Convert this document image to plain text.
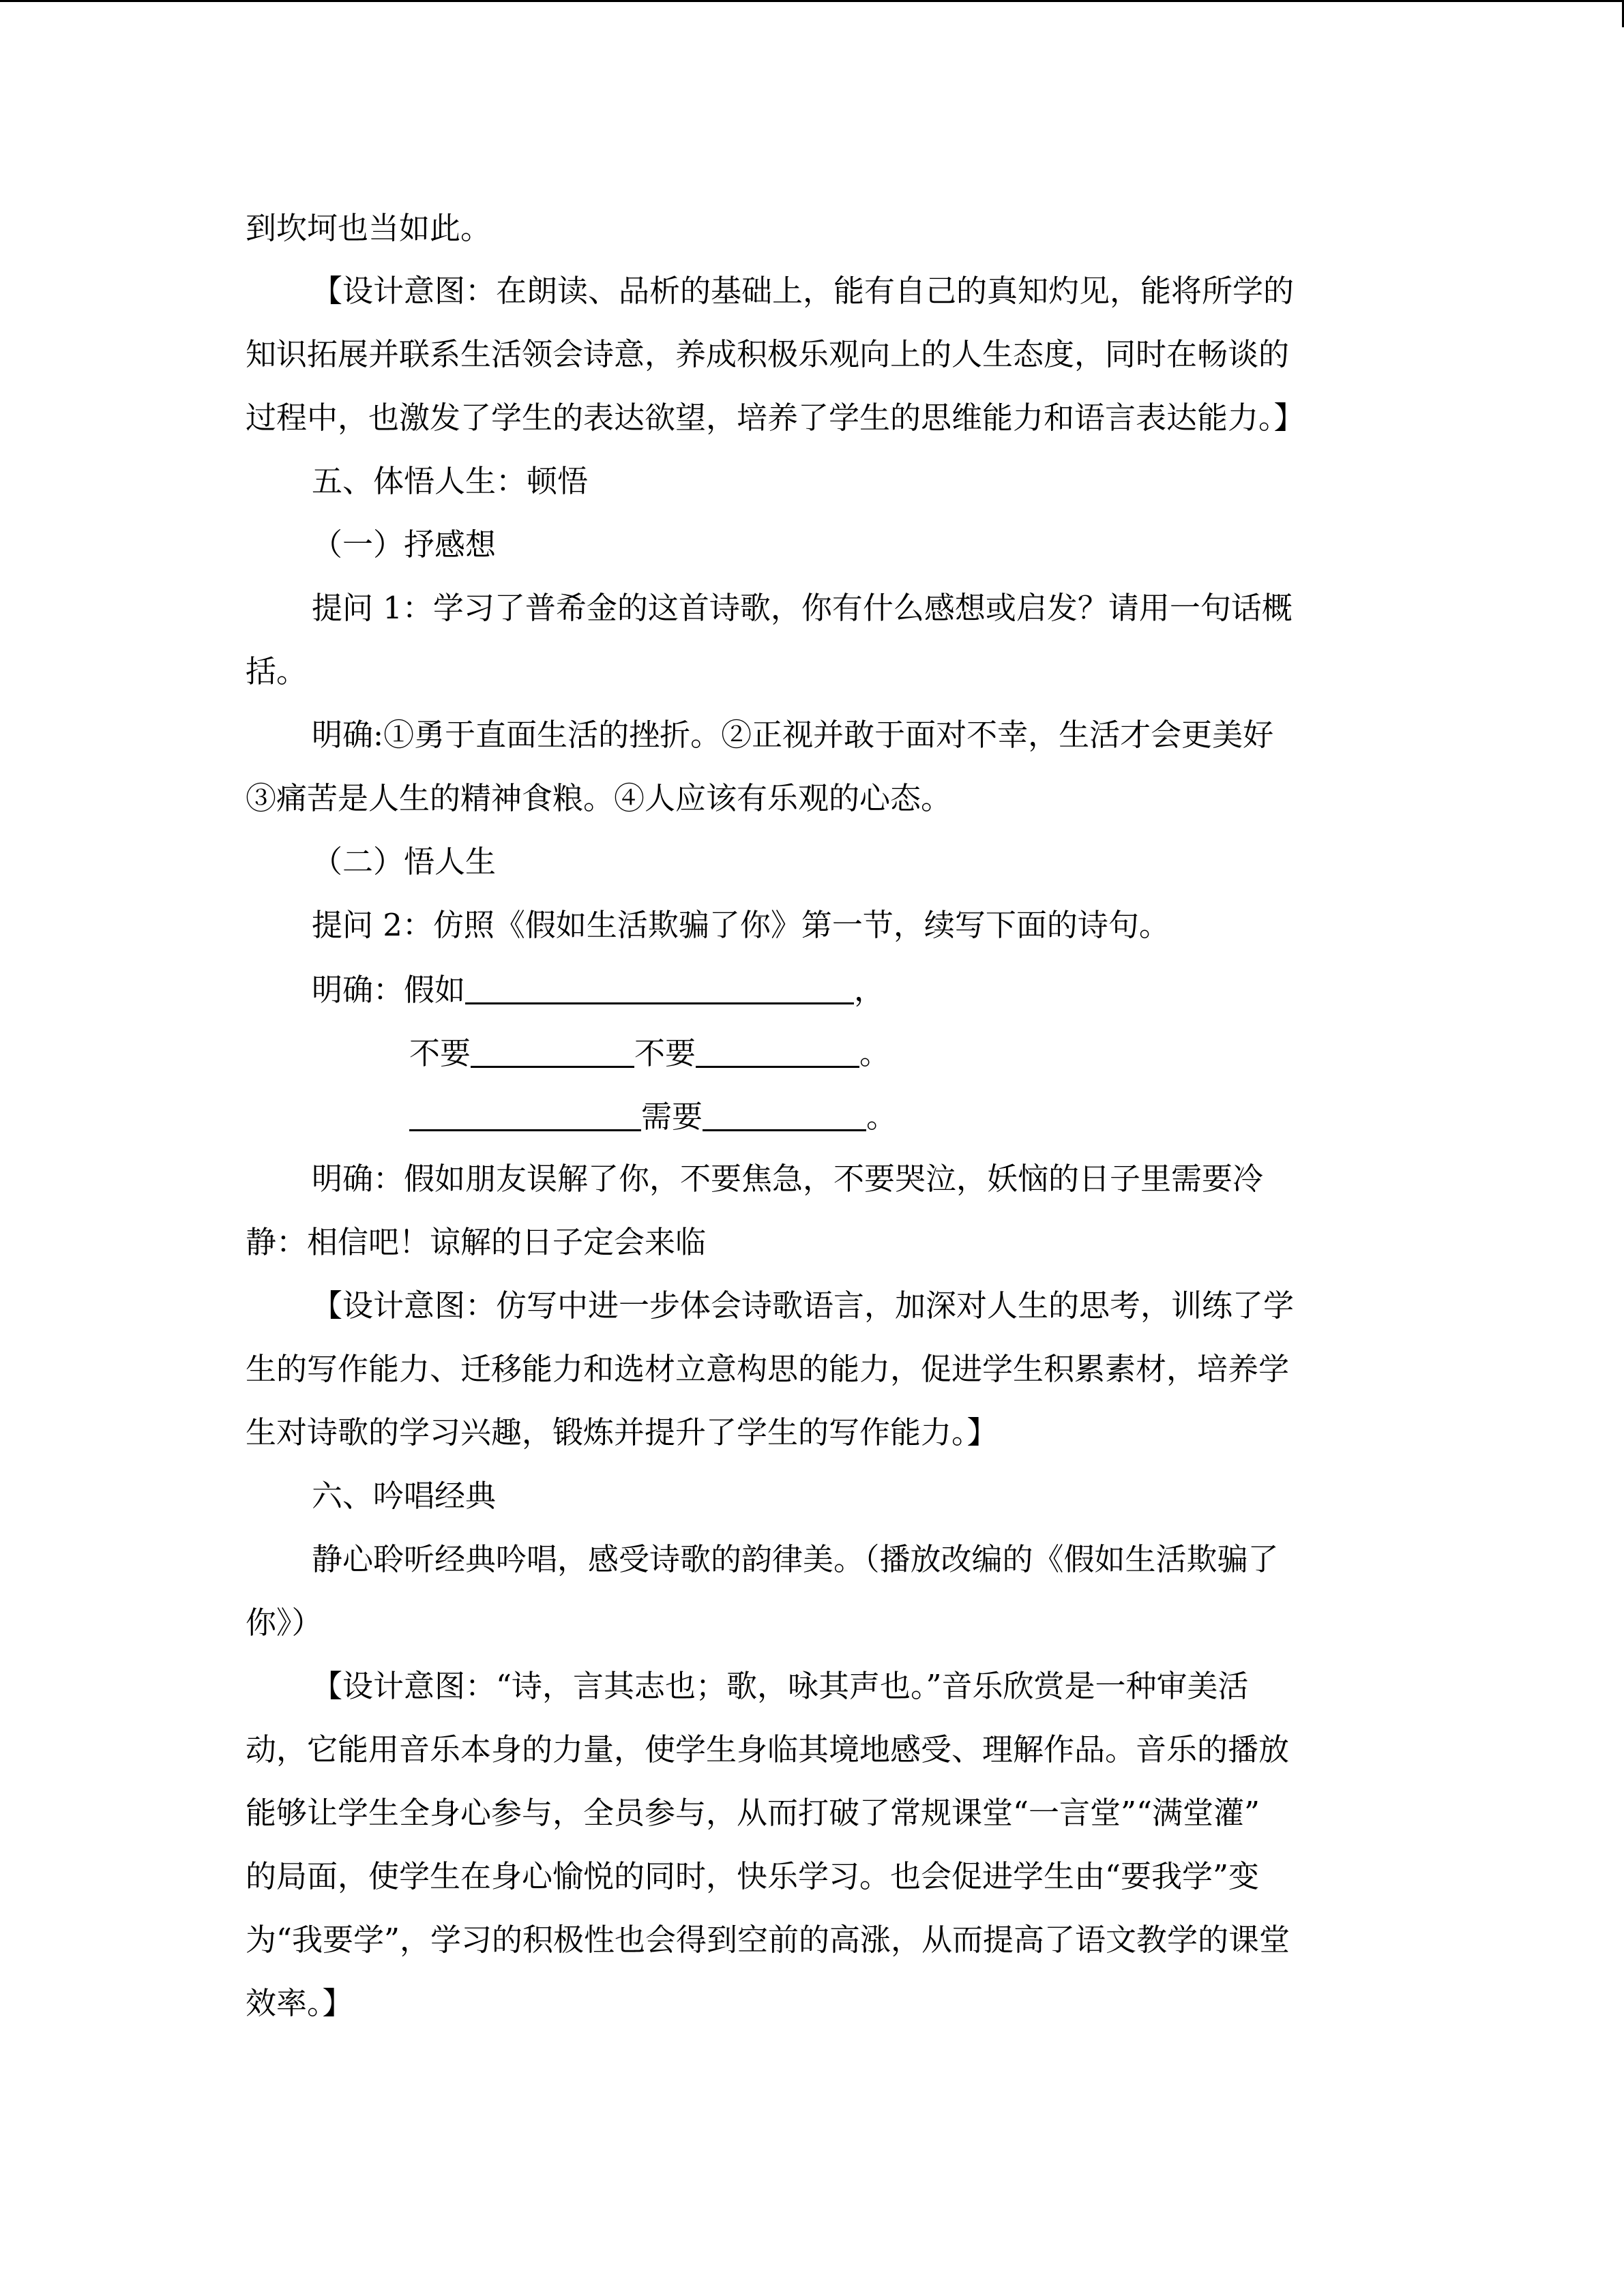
到坎坷也当如此。

【设计意图：在朗读、品析的基础上，能有自己的真知灼见，能将所学的

知识拓展并联系生活领会诗意，养成积极乐观向上的人生态度，同时在畅谈的

过程中，也激发了学生的表达欲望，培养了学生的思维能力和语言表达能力。】

五、体悟人生：顿悟

（一）抒感想

提问 1：学习了普希金的这首诗歌，你有什么感想或启发？请用一句话概

括。

明确:①勇于直面生活的挫折。②正视并敢于面对不幸，生活才会更美好

③痛苦是人生的精神食粮。④人应该有乐观的心态。

（二）悟人生

提问 2：仿照《假如生活欺骗了你》第一节，续写下面的诗句。

明确：假如	，

不要	不要	。

需要	。

明确：假如朋友误解了你，不要焦急，不要哭泣，妖恼的日子里需要冷

静：相信吧！谅解的日子定会来临

【设计意图：仿写中进一步体会诗歌语言，加深对人生的思考，训练了学

生的写作能力、迁移能力和选材立意构思的能力，促进学生积累素材，培养学

生对诗歌的学习兴趣，锻炼并提升了学生的写作能力。】

六、吟唱经典

静心聆听经典吟唱，感受诗歌的韵律美。（播放改编的《假如生活欺骗了

你》）

【设计意图：“诗，言其志也；歌，咏其声也。”音乐欣赏是一种审美活

动，它能用音乐本身的力量，使学生身临其境地感受、理解作品。音乐的播放

能够让学生全身心参与，全员参与，从而打破了常规课堂“一言堂”“满堂灌”

的局面，使学生在身心愉悦的同时，快乐学习。也会促进学生由“要我学”变

为“我要学”，学习的积极性也会得到空前的高涨，从而提高了语文教学的课堂

效率。】
